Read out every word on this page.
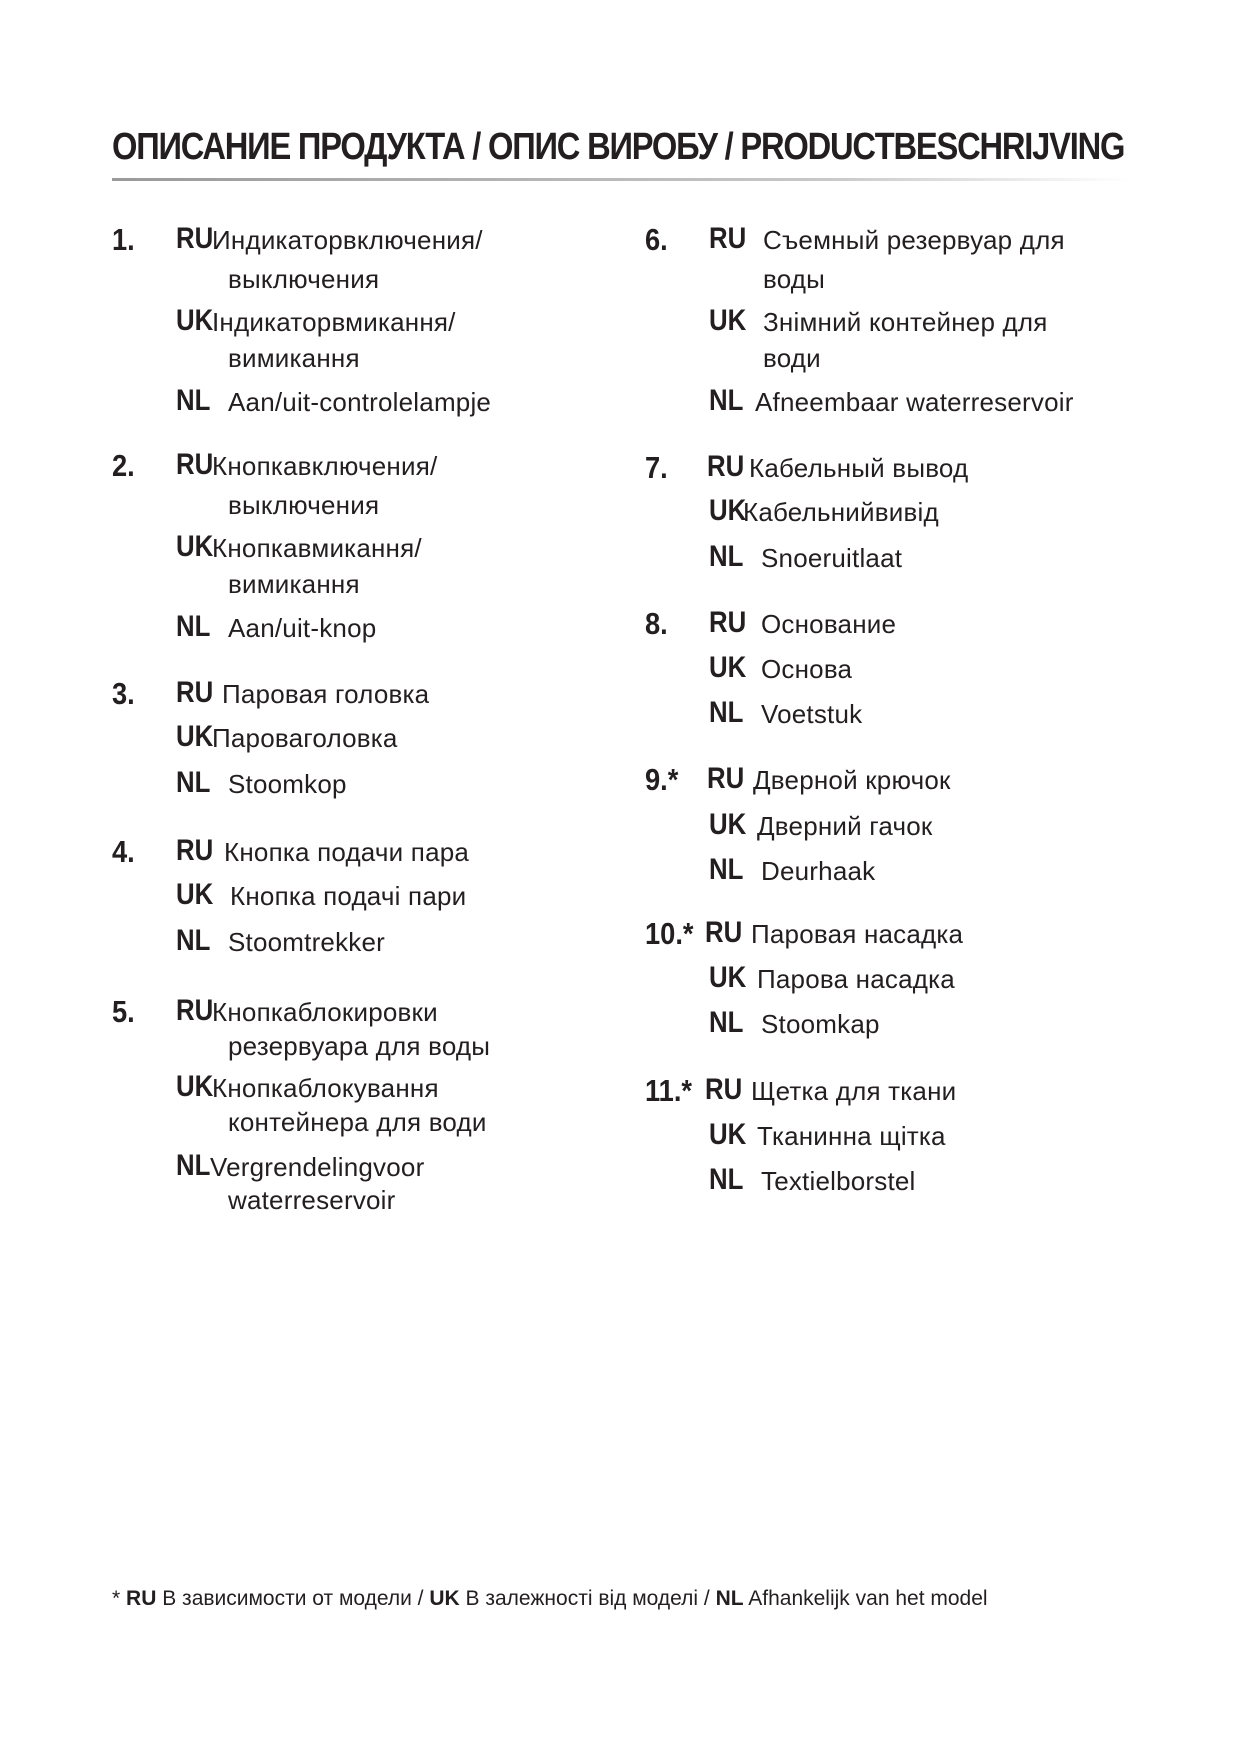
ОПИСАНИЕ ПРОДУКТА / ОПИС ВИРОБУ / PRODUCTBESCHRIJVING
1. RU
Индикаторвключения/
выключения
UK
Індикаторвмикання/
вимикання
NL Aan/uit-controlelampje
2. RU
Кнопкавключения/
выключения
UK
Кнопкавмикання/
вимикання
NL Aan/uit-knop
3. RU Паровая головка
UK
Пароваголовка
NL Stoomkop
4. RU Кнопка подачи пара
UK Кнопка подачі пари
NL Stoomtrekker
5. RU
Кнопкаблокировки
резервуара для воды
UK
Кнопкаблокування
контейнера для води
NL Vergrendelingvoor
waterreservoir
6. RU Съемный резервуар для
воды
UK Знімний контейнер для
води
NL Afneembaar waterreservoir
7. RU Кабельный вывод
UK
Кабельнийвивід
NL Snoeruitlaat
8. RU Основание
UK Основа
NL Voetstuk
9.* RU Дверной крючок
UK Дверний гачок
NL Deurhaak
10.* RU Паровая насадка
UK Парова насадка
NL Stoomkap
11.* RU Щетка для ткани
UK Тканинна щітка
NL Textielborstel
* RU В зависимости от модели / UK В залежності від моделі / NL Afhankelijk van het model
